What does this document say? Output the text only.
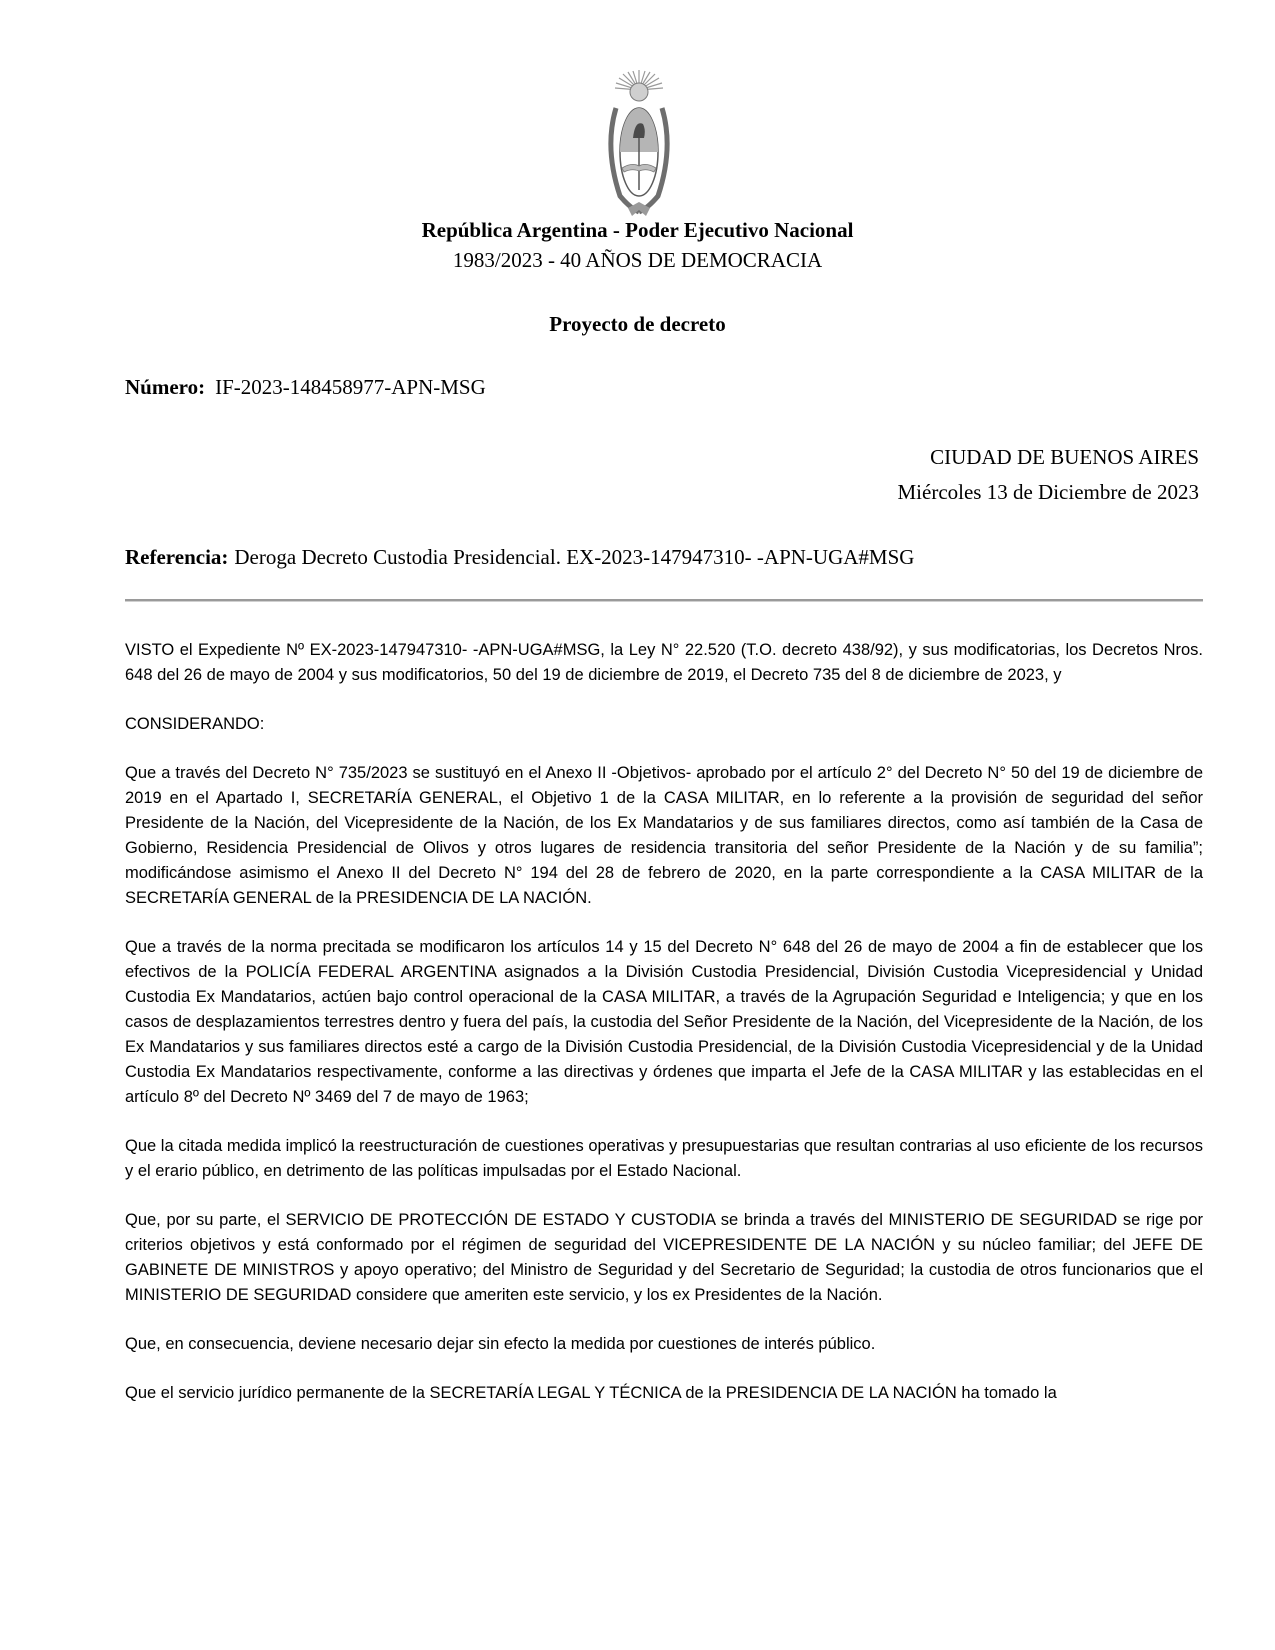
República Argentina - Poder Ejecutivo Nacional
1983/2023 - 40 AÑOS DE DEMOCRACIA
Proyecto de decreto
Número: IF-2023-148458977-APN-MSG
CIUDAD DE BUENOS AIRES
Miércoles 13 de Diciembre de 2023
Referencia: Deroga Decreto Custodia Presidencial. EX-2023-147947310- -APN-UGA#MSG

VISTO el Expediente Nº EX-2023-147947310- -APN-UGA#MSG, la Ley N° 22.520 (T.O. decreto 438/92), y sus modificatorias, los Decretos Nros. 648 del 26 de mayo de 2004 y sus modificatorios, 50 del 19 de diciembre de 2019, el Decreto 735 del 8 de diciembre de 2023, y

CONSIDERANDO:

Que a través del Decreto N° 735/2023 se sustituyó en el Anexo II -Objetivos- aprobado por el artículo 2° del Decreto N° 50 del 19 de diciembre de 2019 en el Apartado I, SECRETARÍA GENERAL, el Objetivo 1 de la CASA MILITAR, en lo referente a la provisión de seguridad del señor Presidente de la Nación, del Vicepresidente de la Nación, de los Ex Mandatarios y de sus familiares directos, como así también de la Casa de Gobierno, Residencia Presidencial de Olivos y otros lugares de residencia transitoria del señor Presidente de la Nación y de su familia”; modificándose asimismo el Anexo II del Decreto N° 194 del 28 de febrero de 2020, en la parte correspondiente a la CASA MILITAR de la SECRETARÍA GENERAL de la PRESIDENCIA DE LA NACIÓN.

Que a través de la norma precitada se modificaron los artículos 14 y 15 del Decreto N° 648 del 26 de mayo de 2004 a fin de establecer que los efectivos de la POLICÍA FEDERAL ARGENTINA asignados a la División Custodia Presidencial, División Custodia Vicepresidencial y Unidad Custodia Ex Mandatarios, actúen bajo control operacional de la CASA MILITAR, a través de la Agrupación Seguridad e Inteligencia; y que en los casos de desplazamientos terrestres dentro y fuera del país, la custodia del Señor Presidente de la Nación, del Vicepresidente de la Nación, de los Ex Mandatarios y sus familiares directos esté a cargo de la División Custodia Presidencial, de la División Custodia Vicepresidencial y de la Unidad Custodia Ex Mandatarios respectivamente, conforme a las directivas y órdenes que imparta el Jefe de la CASA MILITAR y las establecidas en el artículo 8º del Decreto Nº 3469 del 7 de mayo de 1963;

Que la citada medida implicó la reestructuración de cuestiones operativas y presupuestarias que resultan contrarias al uso eficiente de los recursos y el erario público, en detrimento de las políticas impulsadas por el Estado Nacional.

Que, por su parte, el SERVICIO DE PROTECCIÓN DE ESTADO Y CUSTODIA se brinda a través del MINISTERIO DE SEGURIDAD se rige por criterios objetivos y está conformado por el régimen de seguridad del VICEPRESIDENTE DE LA NACIÓN y su núcleo familiar; del JEFE DE GABINETE DE MINISTROS y apoyo operativo; del Ministro de Seguridad y del Secretario de Seguridad; la custodia de otros funcionarios que el MINISTERIO DE SEGURIDAD considere que ameriten este servicio, y los ex Presidentes de la Nación.

Que, en consecuencia, deviene necesario dejar sin efecto la medida por cuestiones de interés público.

Que el servicio jurídico permanente de la SECRETARÍA LEGAL Y TÉCNICA de la PRESIDENCIA DE LA NACIÓN ha tomado la
